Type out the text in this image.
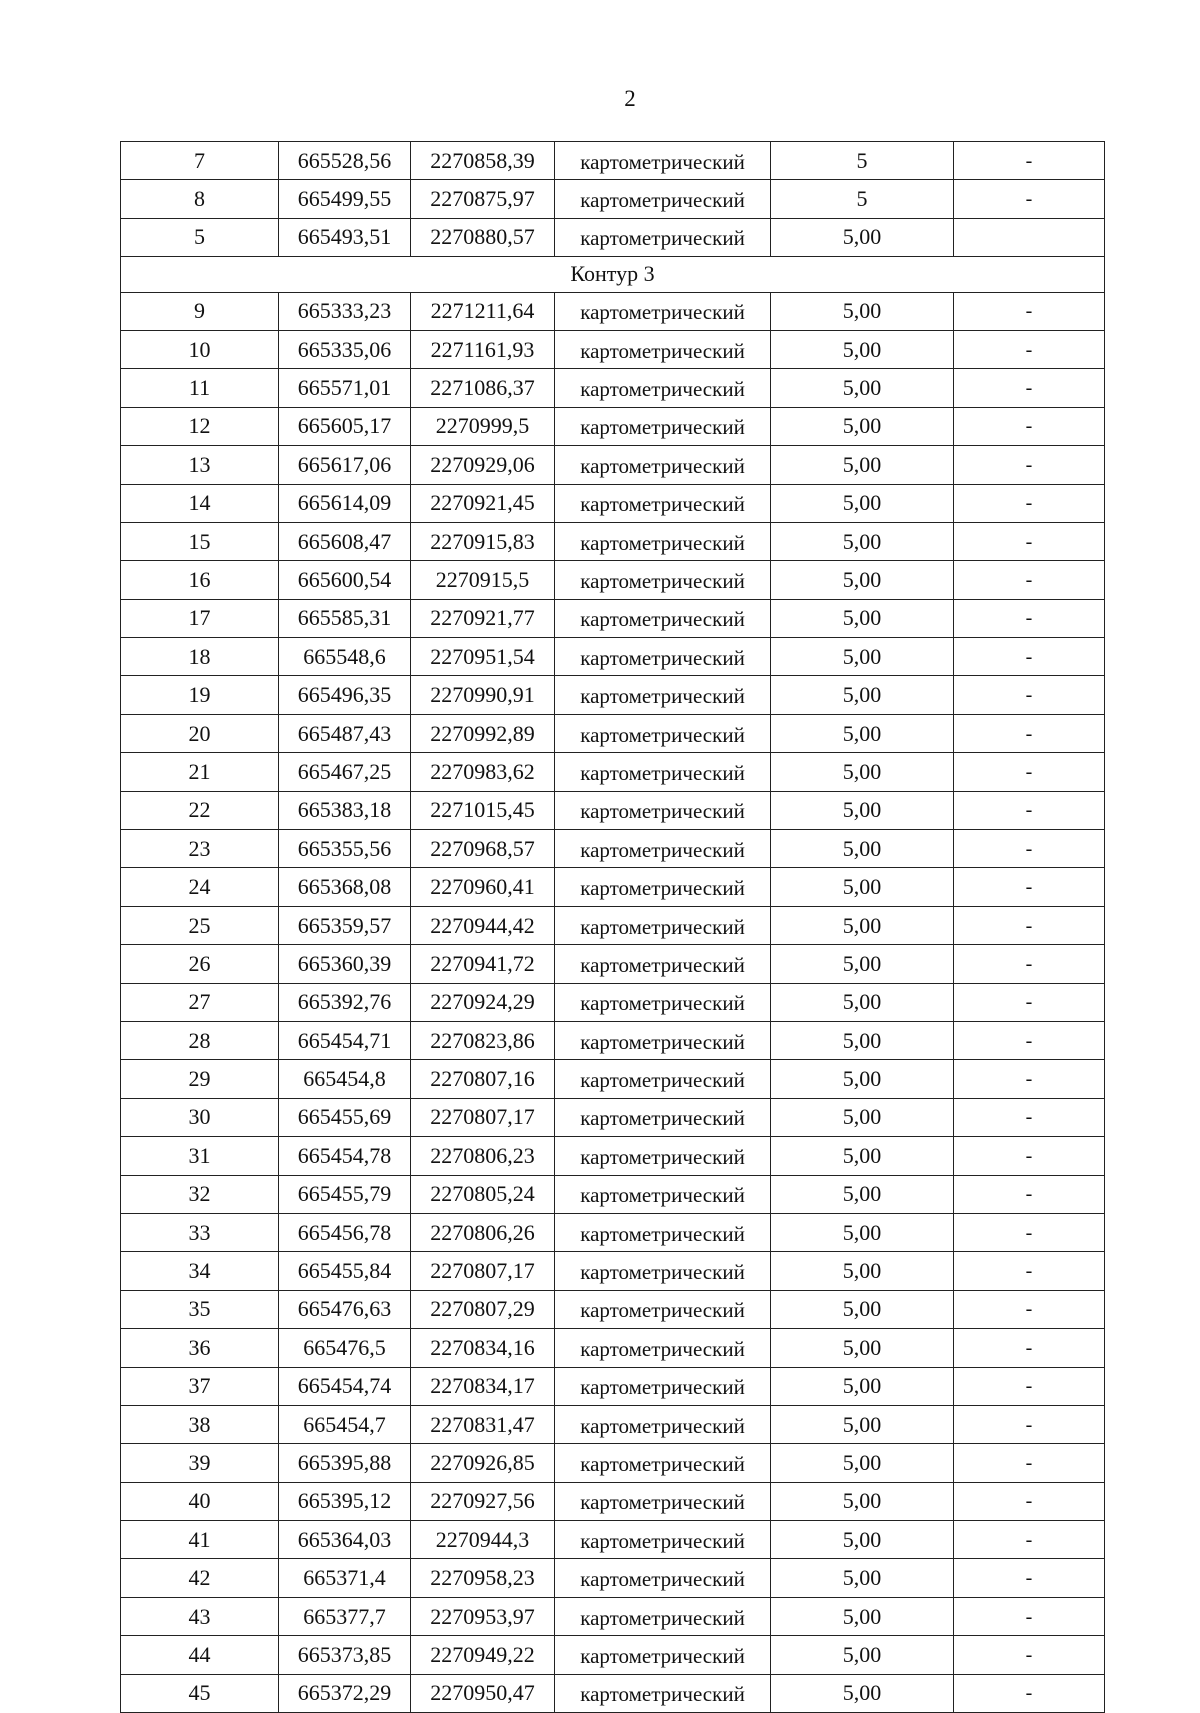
2
7	665528,56	2270858,39	картометрический	5	-
8	665499,55	2270875,97	картометрический	5	-
5	665493,51	2270880,57	картометрический	5,00	
Контур 3					
9	665333,23	2271211,64	картометрический	5,00	-
10	665335,06	2271161,93	картометрический	5,00	-
11	665571,01	2271086,37	картометрический	5,00	-
12	665605,17	2270999,5	картометрический	5,00	-
13	665617,06	2270929,06	картометрический	5,00	-
14	665614,09	2270921,45	картометрический	5,00	-
15	665608,47	2270915,83	картометрический	5,00	-
16	665600,54	2270915,5	картометрический	5,00	-
17	665585,31	2270921,77	картометрический	5,00	-
18	665548,6	2270951,54	картометрический	5,00	-
19	665496,35	2270990,91	картометрический	5,00	-
20	665487,43	2270992,89	картометрический	5,00	-
21	665467,25	2270983,62	картометрический	5,00	-
22	665383,18	2271015,45	картометрический	5,00	-
23	665355,56	2270968,57	картометрический	5,00	-
24	665368,08	2270960,41	картометрический	5,00	-
25	665359,57	2270944,42	картометрический	5,00	-
26	665360,39	2270941,72	картометрический	5,00	-
27	665392,76	2270924,29	картометрический	5,00	-
28	665454,71	2270823,86	картометрический	5,00	-
29	665454,8	2270807,16	картометрический	5,00	-
30	665455,69	2270807,17	картометрический	5,00	-
31	665454,78	2270806,23	картометрический	5,00	-
32	665455,79	2270805,24	картометрический	5,00	-
33	665456,78	2270806,26	картометрический	5,00	-
34	665455,84	2270807,17	картометрический	5,00	-
35	665476,63	2270807,29	картометрический	5,00	-
36	665476,5	2270834,16	картометрический	5,00	-
37	665454,74	2270834,17	картометрический	5,00	-
38	665454,7	2270831,47	картометрический	5,00	-
39	665395,88	2270926,85	картометрический	5,00	-
40	665395,12	2270927,56	картометрический	5,00	-
41	665364,03	2270944,3	картометрический	5,00	-
42	665371,4	2270958,23	картометрический	5,00	-
43	665377,7	2270953,97	картометрический	5,00	-
44	665373,85	2270949,22	картометрический	5,00	-
45	665372,29	2270950,47	картометрический	5,00	-
